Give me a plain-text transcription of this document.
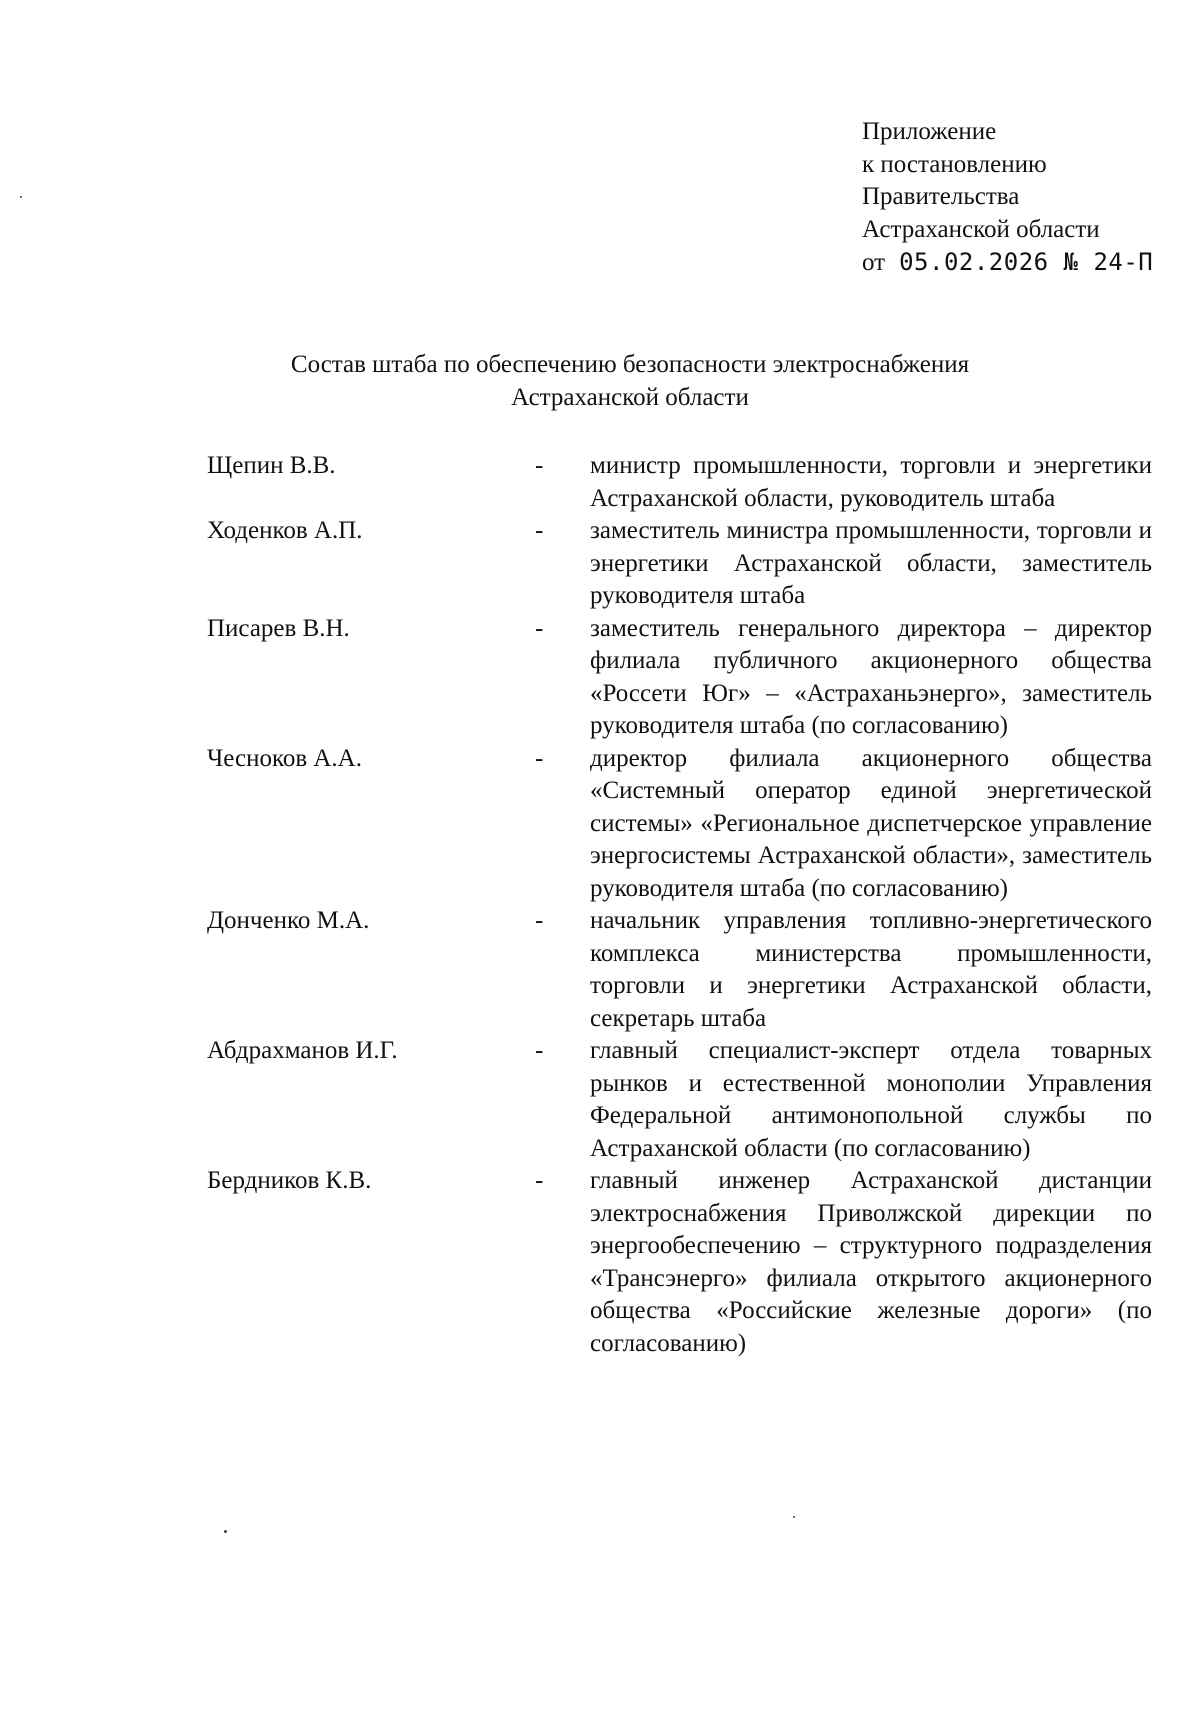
Приложение
к постановлению
Правительства
Астраханской области
от 05.02.2026 № 24-П
Состав штаба по обеспечению безопасности электроснабжения
Астраханской области
Щепин В.В.	-	министр промышленности, торговли и энергетики Астраханской области, руководитель штаба
Ходенков А.П.	-	заместитель министра промышленности, торговли и энергетики Астраханской области, заместитель руководителя штаба
Писарев В.Н.	-	заместитель генерального директора – директор филиала публичного акционерного общества «Россети Юг» – «Астраханьэнерго», заместитель руководителя штаба (по согласованию)
Чесноков А.А.	-	директор филиала акционерного общества «Системный оператор единой энергетической системы» «Региональное диспетчерское управление энергосистемы Астраханской области», заместитель руководителя штаба (по согласованию)
Донченко М.А.	-	начальник управления топливно-энергетического комплекса министерства промышленности, торговли и энергетики Астраханской области, секретарь штаба
Абдрахманов И.Г.	-	главный специалист-эксперт отдела товарных рынков и естественной монополии Управления Федеральной антимонопольной службы по Астраханской области (по согласованию)
Бердников К.В.	-	главный инженер Астраханской дистанции электроснабжения Приволжской дирекции по энергообеспечению – структурного подразделения «Трансэнерго» филиала открытого акционерного общества «Российские железные дороги» (по согласованию)
